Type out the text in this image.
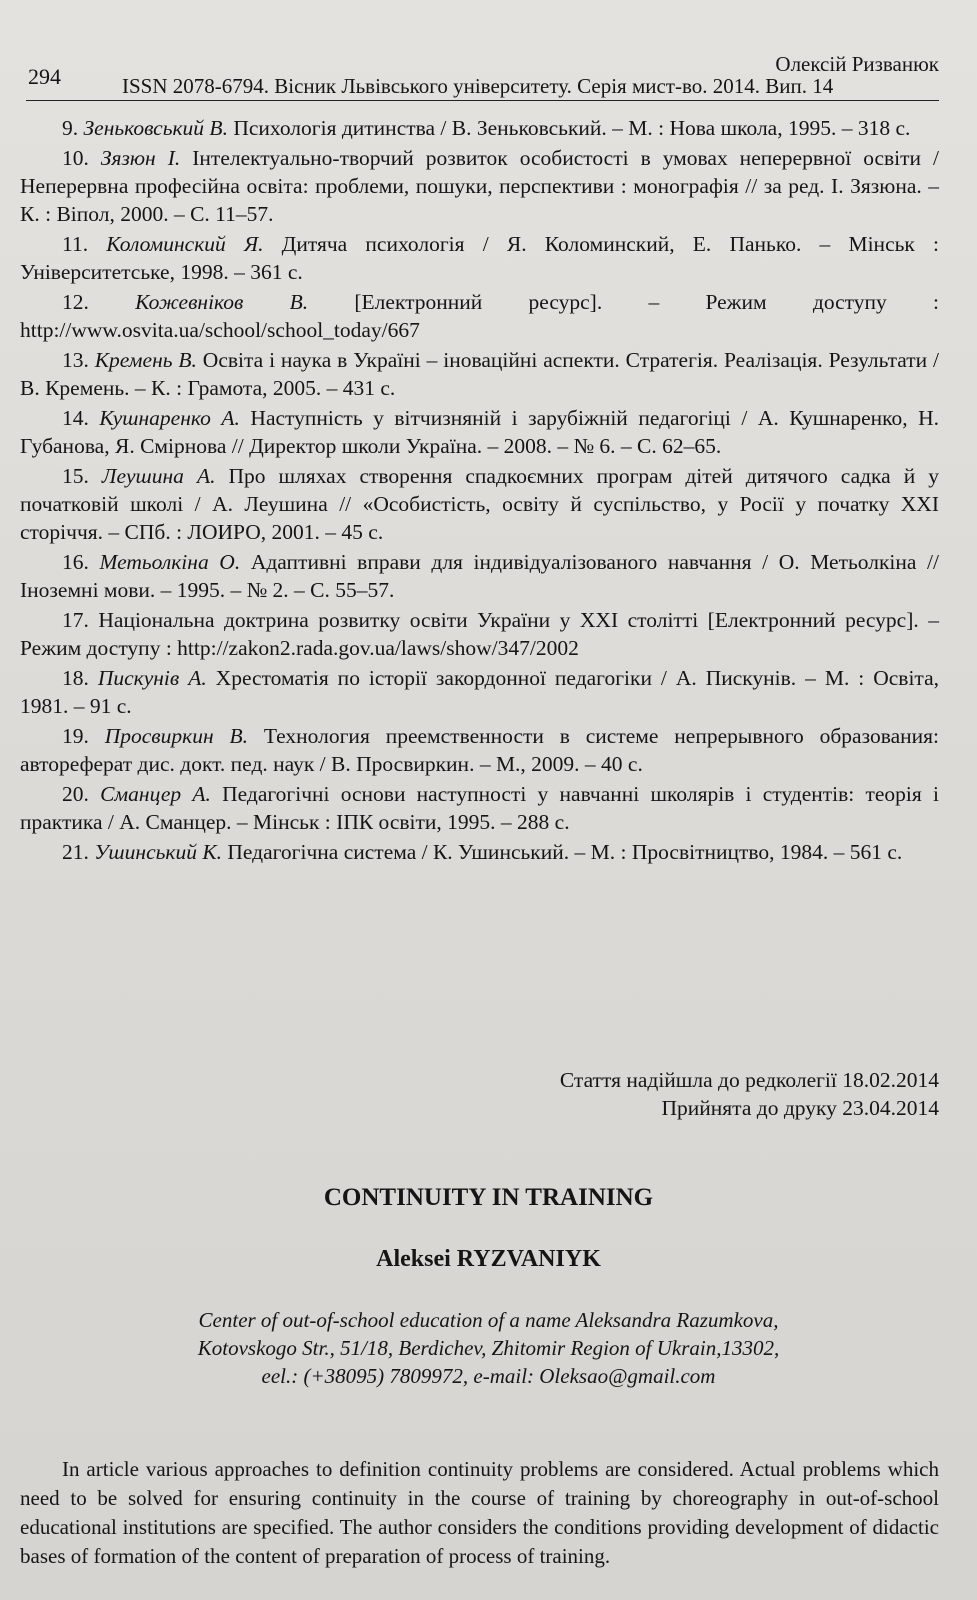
294	Олексій Ризванюк
ISSN 2078-6794. Вісник Львівського університету. Серія мист-во. 2014. Вип. 14

9. Зеньковський В. Психологія дитинства / В. Зеньковський. – М. : Нова школа, 1995. – 318 с.

10. Зязюн І. Інтелектуально-творчий розвиток особистості в умовах неперервної освіти / Неперервна професійна освіта: проблеми, пошуки, перспективи : монографія // за ред. І. Зязюна. – К. : Віпол, 2000. – С. 11–57.

11. Коломинский Я. Дитяча психологія / Я. Коломинский, Е. Панько. – Мінськ : Університетське, 1998. – 361 с.

12. Кожевніков В. [Електронний ресурс]. – Режим доступу : http://www.osvita.ua/school/school_today/667

13. Кремень В. Освіта і наука в Україні – іноваційні аспекти. Стратегія. Реалізація. Результати / В. Кремень. – К. : Грамота, 2005. – 431 с.

14. Кушнаренко А. Наступність у вітчизняній і зарубіжній педагогіці / А. Кушнаренко, Н. Губанова, Я. Смірнова // Директор школи Україна. – 2008. – № 6. – С. 62–65.

15. Леушина А. Про шляхах створення спадкоємних програм дітей дитячого садка й у початковій школі / А. Леушина // «Особистість, освіту й суспільство, у Росії у початку XXI сторіччя. – СПб. : ЛОИРО, 2001. – 45 с.

16. Метьолкіна О. Адаптивні вправи для індивідуалізованого навчання / О. Метьолкіна // Іноземні мови. – 1995. – № 2. – С. 55–57.

17. Національна доктрина розвитку освіти України у XXI столітті [Електронний ресурс]. – Режим доступу : http://zakon2.rada.gov.ua/laws/show/347/2002

18. Пискунів А. Хрестоматія по історії закордонної педагогіки / А. Пискунів. – М. : Освіта, 1981. – 91 с.

19. Просвиркин В. Технология преемственности в системе непрерывного образования: автореферат дис. докт. пед. наук / В. Просвиркин. – М., 2009. – 40 с.

20. Сманцер А. Педагогічні основи наступності у навчанні школярів і студентів: теорія і практика / А. Сманцер. – Мінськ : ІПК освіти, 1995. – 288 с.

21. Ушинський К. Педагогічна система / К. Ушинський. – М. : Просвітництво, 1984. – 561 с.

Стаття надійшла до редколегії 18.02.2014
Прийнята до друку 23.04.2014
CONTINUITY IN TRAINING
Aleksei RYZVANIYK
Center of out-of-school education of a name Aleksandra Razumkova,
Kotovskogo Str., 51/18, Berdichev, Zhitomir Region of Ukrain,13302,
eel.: (+38095) 7809972, e-mail: Oleksao@gmail.com

In article various approaches to definition continuity problems are considered. Actual problems which need to be solved for ensuring continuity in the course of training by choreography in out-of-school educational institutions are specified. The author considers the conditions providing development of didactic bases of formation of the content of preparation of process of training.
